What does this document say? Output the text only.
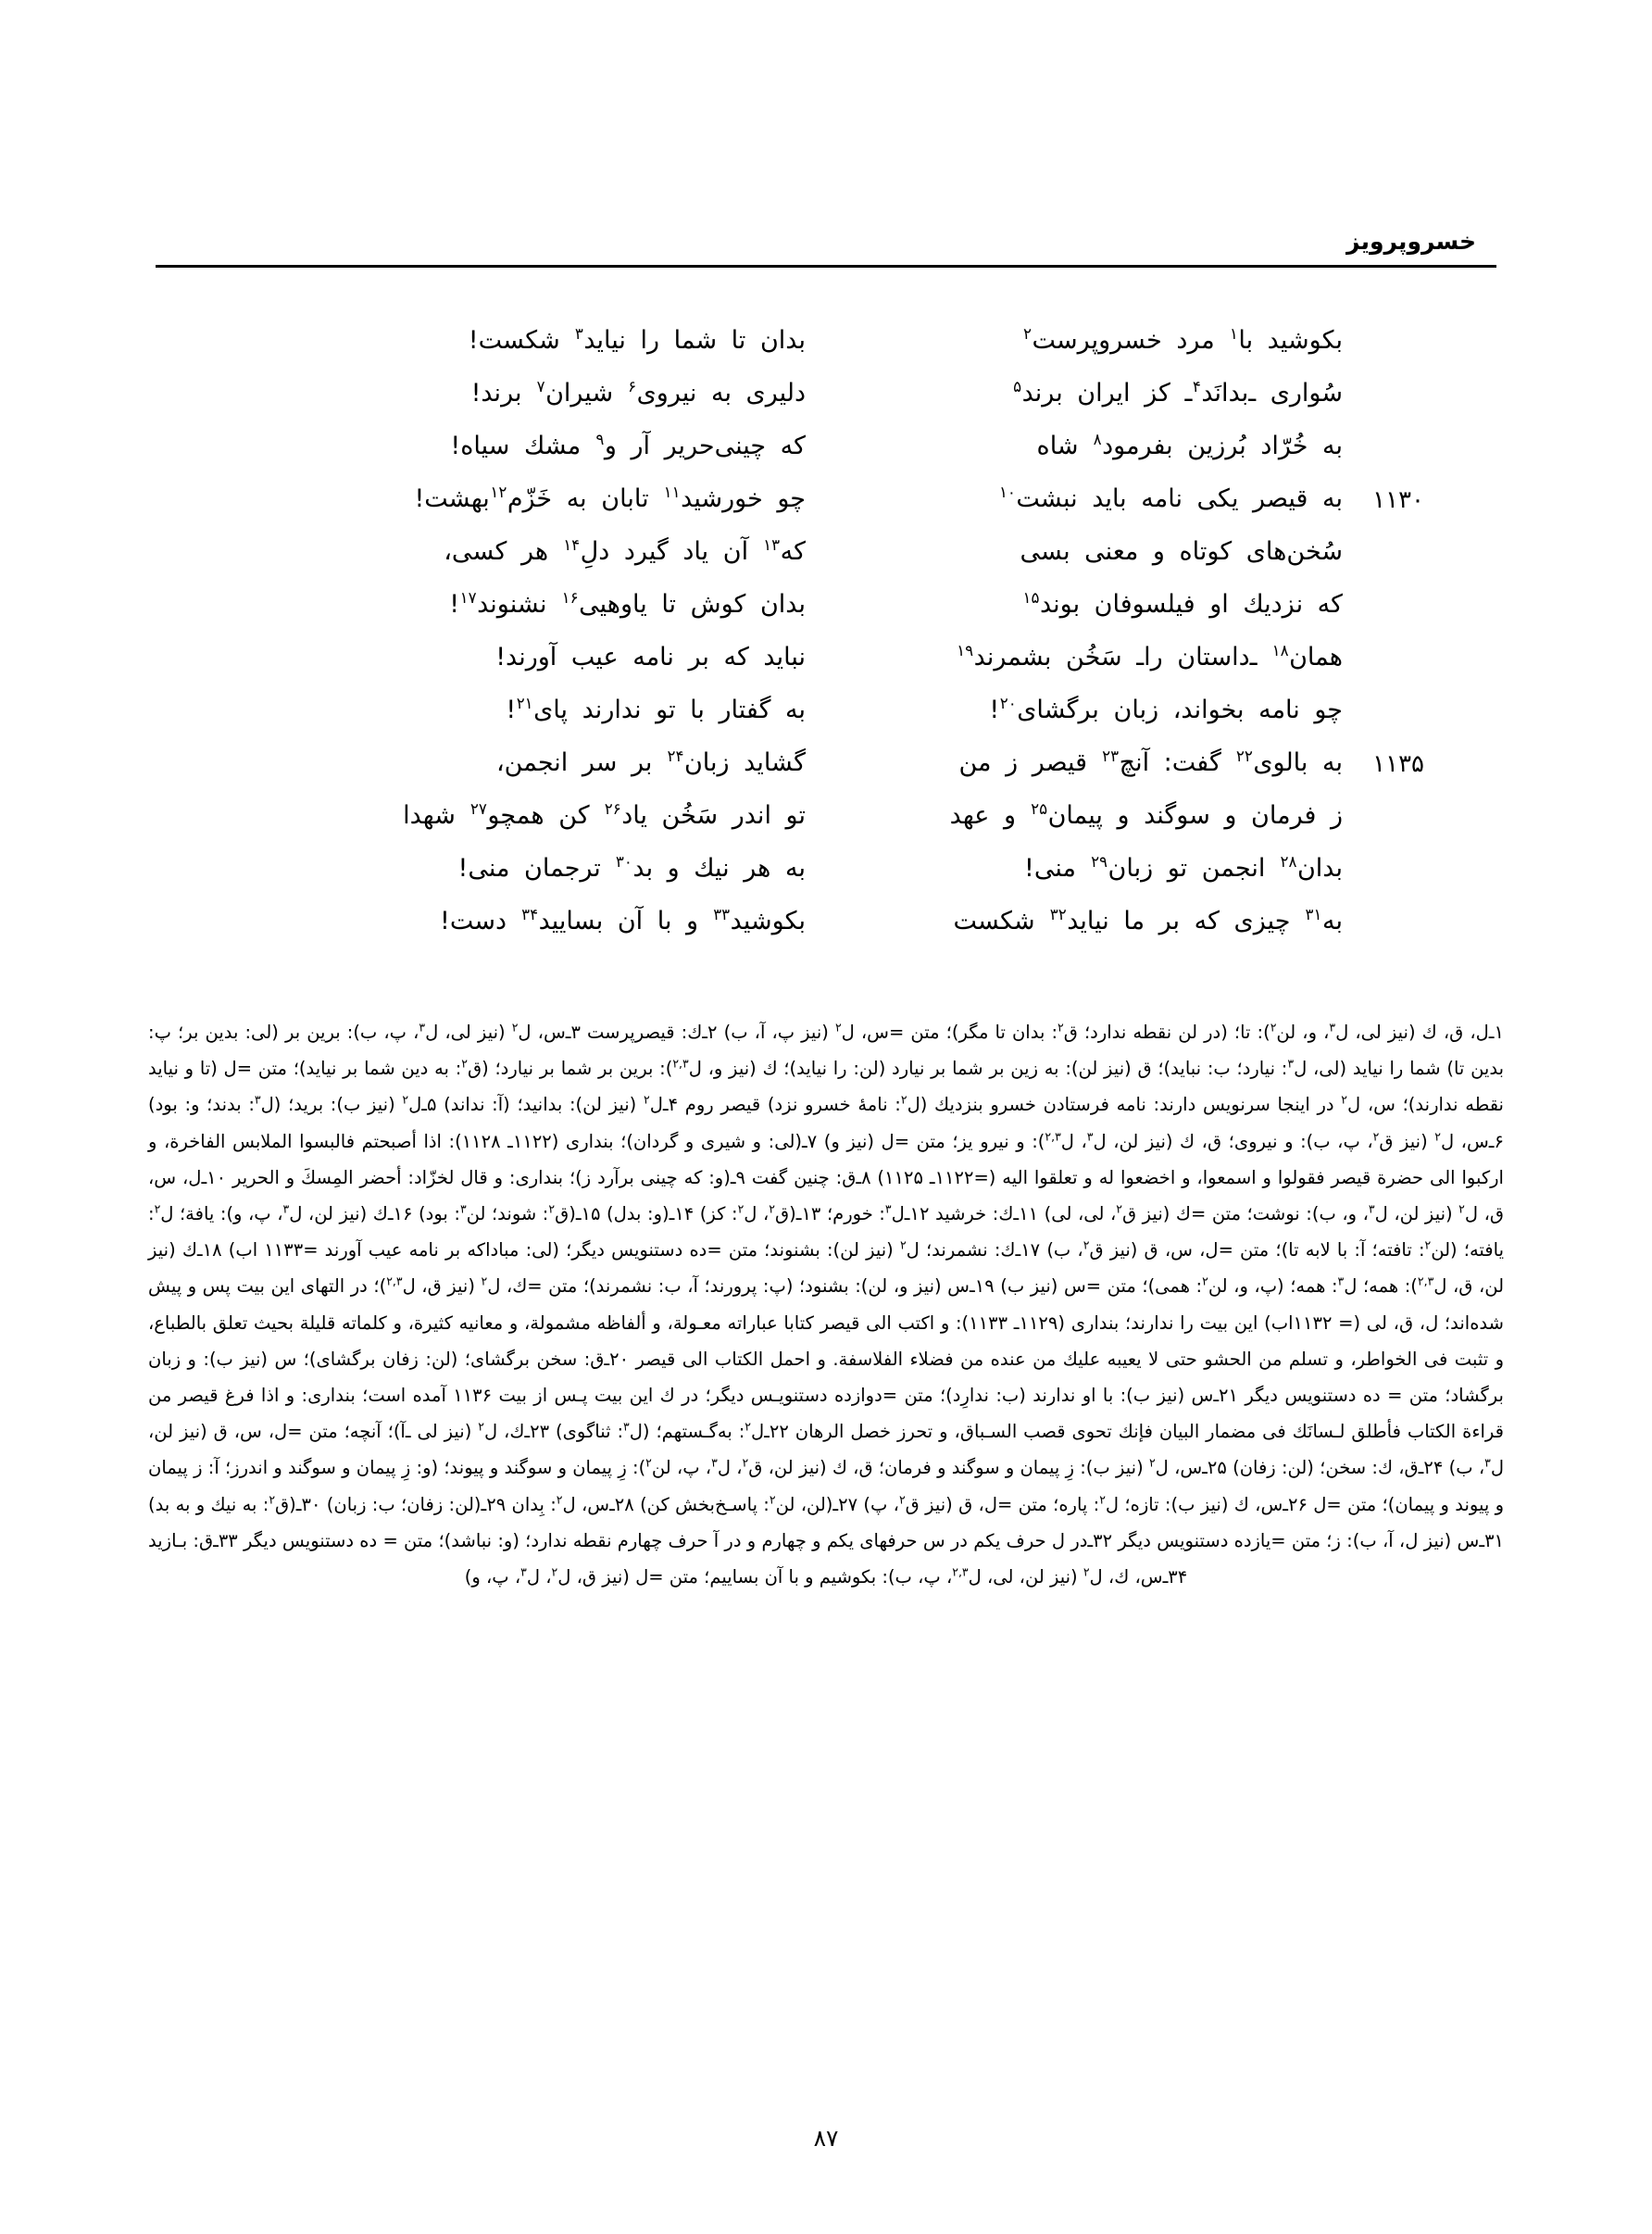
خسروپرویز
بكوشيد با$^۱$ مرد خسروپرست$^۲$
بدان تا شما را نيايد$^۳$ شكست!
سُوارى ـ‌بدانَد$^۴$ـ كز ايران برند$^۵$
دليرى به نيروى$^۶$ شيران$^۷$ برند!
به خُرّاد بُرزين بفرمود$^۸$ شاه
كه چينى‌حرير آر و$^۹$ مشك سياه!
۱۱۳۰
به قيصر يكى نامه بايد نبشت$^{۱۰}$
چو خورشيد$^{۱۱}$ تابان به خَزّم$^{۱۲}$بهشت!
سُخن‌هاى كوتاه و معنى بسى
كه$^{۱۳}$ آن ياد گيرد دلِ$^{۱۴}$ هر كسى،
كه نزديك او فيلسوفان بوند$^{۱۵}$
بدان كوش تا ياوهيى$^{۱۶}$ نشنوند$^{۱۷}$!
همان$^{۱۸}$ ـ‌داستان را‌ـ سَخُن بشمرند$^{۱۹}$
نبايد كه بر نامه عيب آورند!
چو نامه بخواند، زبان برگشاى$^{۲۰}$!
به گفتار با تو ندارند پاى$^{۲۱}$!
۱۱۳۵
به بالوى$^{۲۲}$ گفت: آنچ$^{۲۳}$ قيصر ز من
گشايد زبان$^{۲۴}$ بر سر انجمن،
ز فرمان و سوگند و پيمان$^{۲۵}$ و عهد
تو اندر سَخُن ياد$^{۲۶}$ كن همچو$^{۲۷}$ شهدا
بدان$^{۲۸}$ انجمن تو زبان$^{۲۹}$ منى!
به هر نيك و بد$^{۳۰}$ ترجمان منى!
به$^{۳۱}$ چيزى كه بر ما نيايد$^{۳۲}$ شكست
بكوشيد$^{۳۳}$ و با آن بساييد$^{۳۴}$ دست!

۱ـ‌ل، ق، ك (نيز لى، ل$^۳$، و، لن$^۲$): تا؛ (در لن نقطه ندارد؛ ق$^۲$: بدان تا مگر)؛ متن =س، ل$^۲$ (نيز پ، آ، ب) ۲ـ‌ك: قيصرپرست ۳ـ‌س، ل$^۲$ (نيز لى، ل$^۳$، پ، ب): برين بر (لى: بدين بر؛ پ: بدين تا) شما را نيايد (لى، ل$^۳$: نيارد؛ ب: نبايد)؛ ق (نيز لن): به زين بر شما بر نيارد (لن: را نيايد)؛ ك (نيز و، ل$^{۲,۳}$): برين بر شما بر نيارد؛ (ق$^۲$: به دين شما بر نيايد)؛ متن =ل (تا و نيايد نقطه ندارند)؛ س، ل$^۲$ در اينجا سرنويس دارند: نامه فرستادن خسرو بنزديك (ل$^۲$: نامهٔ خسرو نزد) قيصر روم ۴ـ‌ل$^۲$ (نيز لن): بدانيد؛ (آ: نداند) ۵ـ‌ل$^۲$ (نيز ب): بريد؛ (ل$^۳$: بدند؛ و: بود) ۶ـ‌س، ل$^۲$ (نيز ق$^۲$، پ، ب): و نيروى؛ ق، ك (نيز لن، ل$^۳$، ل$^{۲,۳}$): و نيرو يز؛ متن =ل (نيز و) ۷ـ(لى: و شيرى و گردان)؛ بندارى (۱۱۲۲ـ ۱۱۲۸): اذا أصبحتم فالبسوا الملابس الفاخرة، و اركبوا الى حضرة قيصر فقولوا و اسمعوا، و اخضعوا له و تعلقوا اليه (=۱۱۲۲ـ ۱۱۲۵) ۸ـ‌ق: چنين گفت ۹ـ(و: كه چينى برآرد ز)؛ بندارى: و قال لخزّاد: أحضر المِسكَ و الحرير ۱۰ـ‌ل، س، ق، ل$^۲$ (نيز لن، ل$^۳$، و، ب): نوشت؛ متن =ك (نيز ق$^۲$، لى، لى) ۱۱ـ‌ك: خرشيد ۱۲ـ‌ل$^۳$: خورم؛ ۱۳ـ(ق$^۲$، ل$^۲$: كز) ۱۴ـ(و: بدل) ۱۵ـ(ق$^۲$: شوند؛ لن$^۳$: بود) ۱۶ـ‌ك (نيز لن، ل$^۳$، پ، و): يافة؛ ل$^۲$: يافته؛ (لن$^۲$: تافته؛ آ: با لابه تا)؛ متن =ل، س، ق (نيز ق$^۲$، ب) ۱۷ـ‌ك: نشمرند؛ ل$^۲$ (نيز لن): بشنوند؛ متن =ده دستنويس ديگر؛ (لى: مباداكه بر نامه عيب آورند =۱۱۳۳ اب) ۱۸ـ‌ك (نيز لن، ق، ل$^{۲,۳}$): همه؛ ل$^۳$: همه؛ (پ، و، لن$^۲$: همى)؛ متن =س (نيز ب) ۱۹ـ‌س (نيز و، لن): بشنود؛ (پ: پرورند؛ آ، ب: نشمرند)؛ متن =ك، ل$^۲$ (نيز ق، ل$^{۲,۳}$)؛ در التهاى اين بيت پس و پيش شده‌اند؛ ل، ق، لى (= ۱۱۳۲اب) اين بيت را ندارند؛ بندارى (۱۱۲۹ـ ۱۱۳۳): و اكتب الى قيصر كتابا عباراته معـولة، و ألفاظه مشمولة، و معانيه كثيرة، و كلماته قليلة بحيث تعلق بالطباع، و تثبت فى الخواطر، و تسلم من الحشو حتى لا يعيبه عليك من عنده من فضلاء الفلاسفة. و احمل الكتاب الى قيصر ۲۰ـ‌ق: سخن برگشاى؛ (لن: زفان برگشاى)؛ س (نيز ب): و زبان برگشاد؛ متن = ده دستنويس ديگر ۲۱ـ‌س (نيز ب): با او ندارند (ب: ندارِد)؛ متن =دوازده دستنويـس ديگر؛ در ك اين بيت پـس از بيت ۱۱۳۶ آمده است؛ بندارى: و اذا فرغ قيصر من قراءة الكتاب فأطلق لـسانَك فى مضمار البيان فإنك تحوى قصب السـباق، و تحرز خصل الرهان ۲۲ـ‌ل$^۲$: به‌گـستهم؛ (ل$^۳$: ثناگوى) ۲۳ـ‌ك، ل$^۲$ (نيز لى ـ‌آ)؛ آنچه؛ متن =ل، س، ق (نيز لن، ل$^۳$، ب) ۲۴ـ‌ق، ك: سخن؛ (لن: زفان) ۲۵ـ‌س، ل$^۲$ (نيز ب): زِ پيمان و سوگند و فرمان؛ ق، ك (نيز لن، ق$^۲$، ل$^۳$، پ، لن$^۲$): زِ پيمان و سوگند و پيوند؛ (و: زِ پيمان و سوگند و اندرز؛ آ: ز پيمان و پيوند و پيمان)؛ متن =ل ۲۶ـ‌س، ك (نيز ب): تازه؛ ل$^۲$: پاره؛ متن =ل، ق (نيز ق$^۲$، پ) ۲۷ـ(لن، لن$^۲$: پاسـخ‌بخش كن) ۲۸ـ‌س، ل$^۲$: بِدان ۲۹ـ(لن: زفان؛ ب: زبان) ۳۰ـ(ق$^۲$: به نيك و به بد) ۳۱ـ‌س (نيز ل، آ، ب): ز؛ متن =يازده دستنويس ديگر ۳۲ـ‌در ل حرف يكم در س حرفهاى يكم و چهارم و در آ حرف چهارم نقطه ندارد؛ (و: نباشد)؛ متن = ده دستنويس ديگر ۳۳ـ‌ق: بـازيد ۳۴ـ‌س، ك، ل$^۲$ (نيز لن، لى، ل$^{۲,۳}$، پ، ب): بكوشيم و با آن بساييم؛ متن =ل (نيز ق، ل$^۲$، ل$^۳$، پ، و)

۸۷
